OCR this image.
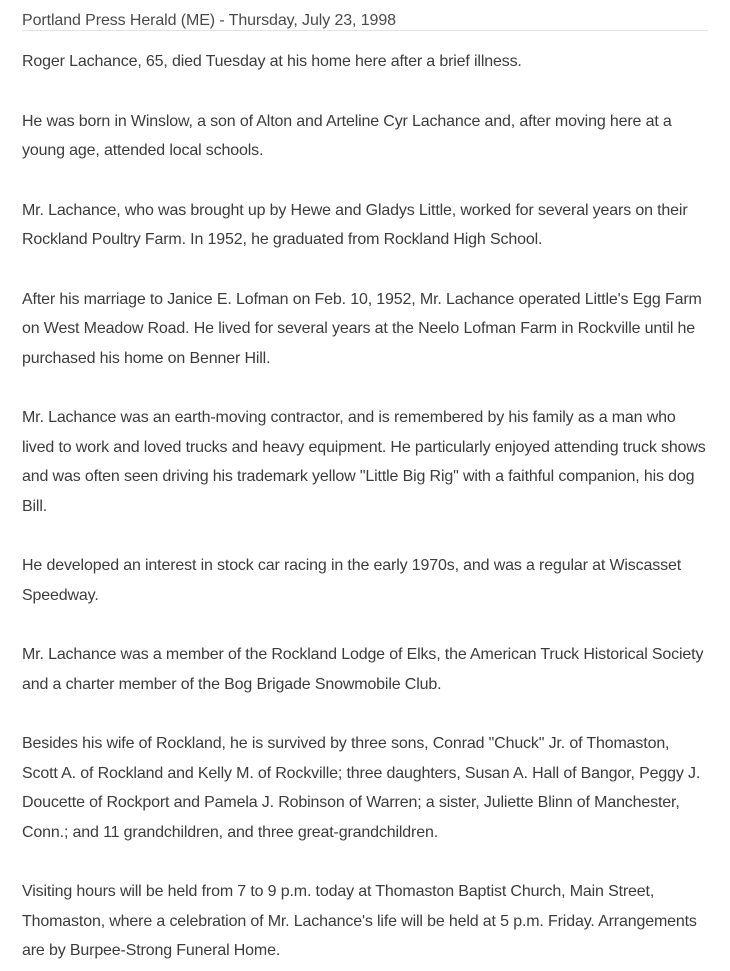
Portland Press Herald (ME) - Thursday, July 23, 1998

Roger Lachance, 65, died Tuesday at his home here after a brief illness.

He was born in Winslow, a son of Alton and Arteline Cyr Lachance and, after moving here at a young age, attended local schools.

Mr. Lachance, who was brought up by Hewe and Gladys Little, worked for several years on their Rockland Poultry Farm. In 1952, he graduated from Rockland High School.

After his marriage to Janice E. Lofman on Feb. 10, 1952, Mr. Lachance operated Little's Egg Farm on West Meadow Road. He lived for several years at the Neelo Lofman Farm in Rockville until he purchased his home on Benner Hill.

Mr. Lachance was an earth-moving contractor, and is remembered by his family as a man who lived to work and loved trucks and heavy equipment. He particularly enjoyed attending truck shows and was often seen driving his trademark yellow "Little Big Rig" with a faithful companion, his dog Bill.

He developed an interest in stock car racing in the early 1970s, and was a regular at Wiscasset Speedway.

Mr. Lachance was a member of the Rockland Lodge of Elks, the American Truck Historical Society and a charter member of the Bog Brigade Snowmobile Club.

Besides his wife of Rockland, he is survived by three sons, Conrad "Chuck" Jr. of Thomaston, Scott A. of Rockland and Kelly M. of Rockville; three daughters, Susan A. Hall of Bangor, Peggy J. Doucette of Rockport and Pamela J. Robinson of Warren; a sister, Juliette Blinn of Manchester, Conn.; and 11 grandchildren, and three great-grandchildren.

Visiting hours will be held from 7 to 9 p.m. today at Thomaston Baptist Church, Main Street, Thomaston, where a celebration of Mr. Lachance's life will be held at 5 p.m. Friday. Arrangements are by Burpee-Strong Funeral Home.
